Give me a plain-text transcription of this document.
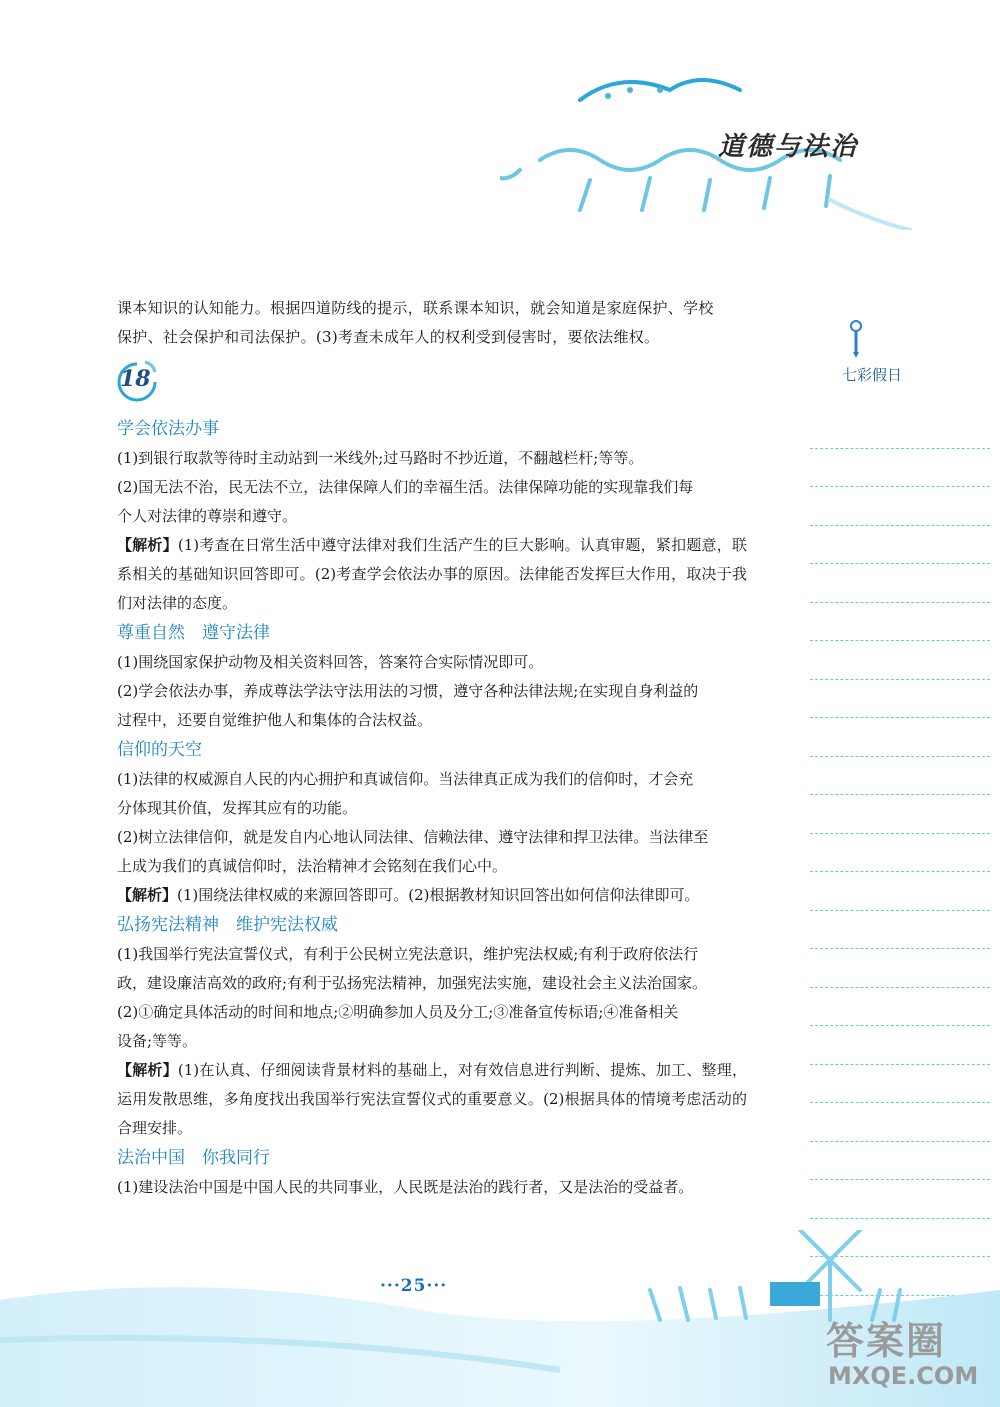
道德与法治
七彩假日

课本知识的认知能力。根据四道防线的提示，联系课本知识，就会知道是家庭保护、学校

保护、社会保护和司法保护。(3)考查未成年人的权利受到侵害时，要依法维权。

18

学会依法办事

(1)到银行取款等待时主动站到一米线外;过马路时不抄近道，不翻越栏杆;等等。

(2)国无法不治，民无法不立，法律保障人们的幸福生活。法律保障功能的实现靠我们每

个人对法律的尊崇和遵守。

【解析】(1)考查在日常生活中遵守法律对我们生活产生的巨大影响。认真审题，紧扣题意，联系相关的基础知识回答即可。(2)考查学会依法办事的原因。法律能否发挥巨大作用，取决于我们对法律的态度。

尊重自然　遵守法律

(1)围绕国家保护动物及相关资料回答，答案符合实际情况即可。

(2)学会依法办事，养成尊法学法守法用法的习惯，遵守各种法律法规;在实现自身利益的

过程中，还要自觉维护他人和集体的合法权益。

信仰的天空

(1)法律的权威源自人民的内心拥护和真诚信仰。当法律真正成为我们的信仰时，才会充

分体现其价值，发挥其应有的功能。

(2)树立法律信仰，就是发自内心地认同法律、信赖法律、遵守法律和捍卫法律。当法律至

上成为我们的真诚信仰时，法治精神才会铭刻在我们心中。

【解析】(1)围绕法律权威的来源回答即可。(2)根据教材知识回答出如何信仰法律即可。

弘扬宪法精神　维护宪法权威

(1)我国举行宪法宣誓仪式，有利于公民树立宪法意识，维护宪法权威;有利于政府依法行

政，建设廉洁高效的政府;有利于弘扬宪法精神，加强宪法实施，建设社会主义法治国家。

(2)①确定具体活动的时间和地点;②明确参加人员及分工;③准备宣传标语;④准备相关

设备;等等。

【解析】(1)在认真、仔细阅读背景材料的基础上，对有效信息进行判断、提炼、加工、整理，运用发散思维，多角度找出我国举行宪法宣誓仪式的重要意义。(2)根据具体的情境考虑活动的合理安排。

法治中国　你我同行

(1)建设法治中国是中国人民的共同事业，人民既是法治的践行者，又是法治的受益者。

···25···
答案圈
MXQE.COM
